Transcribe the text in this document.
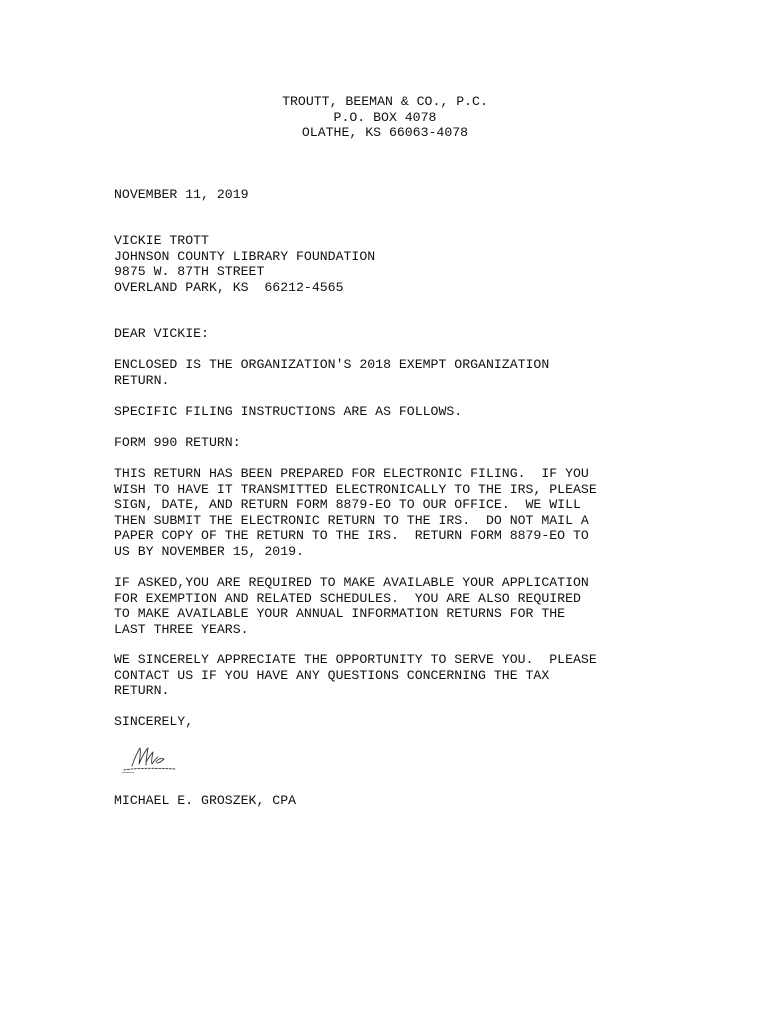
TROUTT, BEEMAN & CO., P.C.
P.O. BOX 4078
OLATHE, KS 66063-4078
NOVEMBER 11, 2019
VICKIE TROTT
JOHNSON COUNTY LIBRARY FOUNDATION
9875 W. 87TH STREET
OVERLAND PARK, KS  66212-4565
DEAR VICKIE:
ENCLOSED IS THE ORGANIZATION'S 2018 EXEMPT ORGANIZATION
RETURN.
SPECIFIC FILING INSTRUCTIONS ARE AS FOLLOWS.
FORM 990 RETURN:
THIS RETURN HAS BEEN PREPARED FOR ELECTRONIC FILING.  IF YOU
WISH TO HAVE IT TRANSMITTED ELECTRONICALLY TO THE IRS, PLEASE
SIGN, DATE, AND RETURN FORM 8879-EO TO OUR OFFICE.  WE WILL
THEN SUBMIT THE ELECTRONIC RETURN TO THE IRS.  DO NOT MAIL A
PAPER COPY OF THE RETURN TO THE IRS.  RETURN FORM 8879-EO TO
US BY NOVEMBER 15, 2019.
IF ASKED,YOU ARE REQUIRED TO MAKE AVAILABLE YOUR APPLICATION
FOR EXEMPTION AND RELATED SCHEDULES.  YOU ARE ALSO REQUIRED
TO MAKE AVAILABLE YOUR ANNUAL INFORMATION RETURNS FOR THE
LAST THREE YEARS.
WE SINCERELY APPRECIATE THE OPPORTUNITY TO SERVE YOU.  PLEASE
CONTACT US IF YOU HAVE ANY QUESTIONS CONCERNING THE TAX
RETURN.
SINCERELY,
MICHAEL E. GROSZEK, CPA
